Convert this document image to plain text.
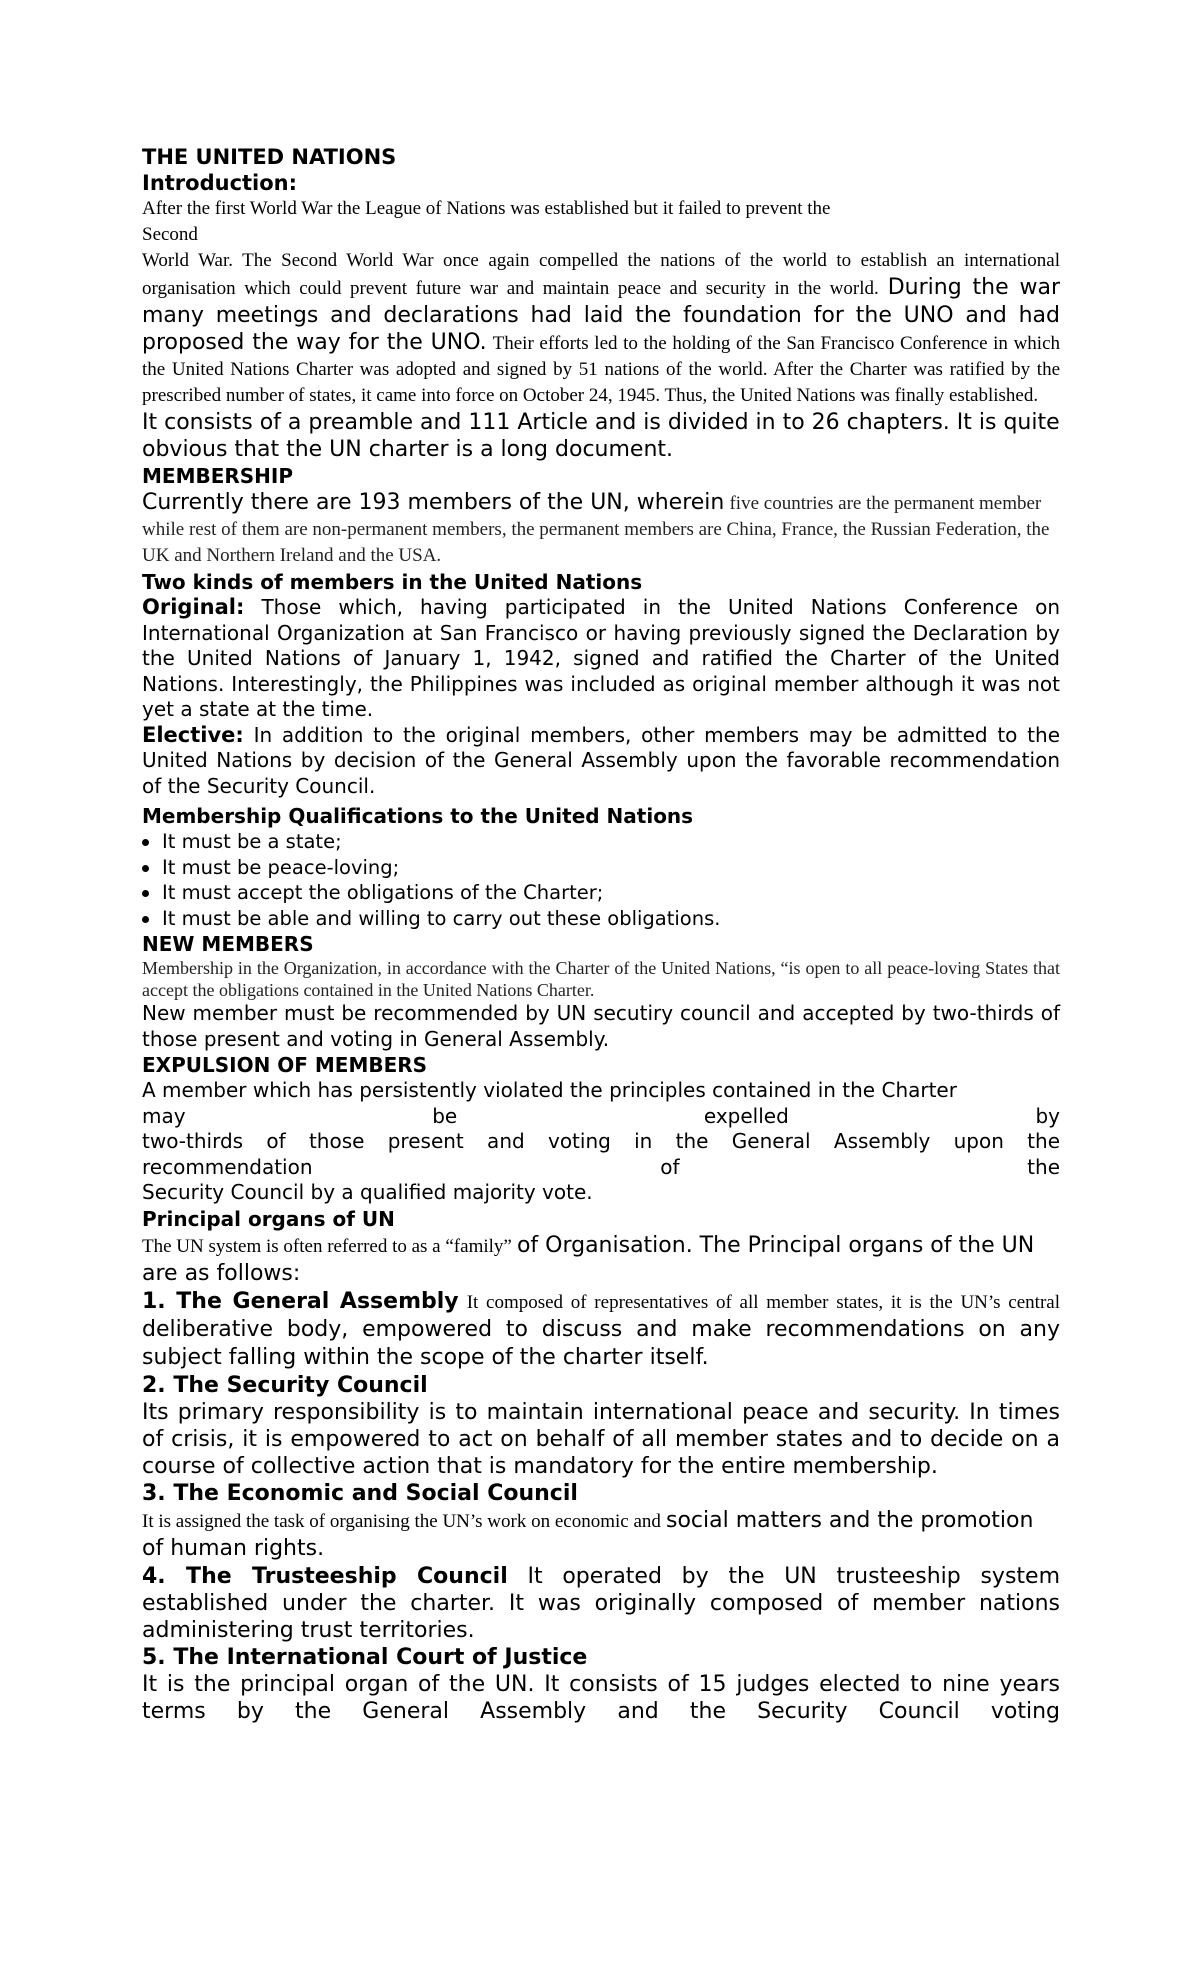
THE UNITED NATIONS
Introduction:

After the first World War the League of Nations was established but it failed to prevent the Second

World War. The Second World War once again compelled the nations of the world to establish an international organisation which could prevent future war and maintain peace and security in the world. During the war many meetings and declarations had laid the foundation for the UNO and had proposed the way for the UNO. Their efforts led to the holding of the San Francisco Conference in which the United Nations Charter was adopted and signed by 51 nations of the world. After the Charter was ratified by the prescribed number of states, it came into force on October 24, 1945. Thus, the United Nations was finally established.

It consists of a preamble and 111 Article and is divided in to 26 chapters. It is quite obvious that the UN charter is a long document.

MEMBERSHIP

Currently there are 193 members of the UN, wherein five countries are the permanent member while rest of them are non-permanent members, the permanent members are China, France, the Russian Federation, the UK and Northern Ireland and the USA.

Two kinds of members in the United Nations

Original: Those which, having participated in the United Nations Conference on International Organization at San Francisco or having previously signed the Declaration by the United Nations of January 1, 1942, signed and ratified the Charter of the United Nations. Interestingly, the Philippines was included as original member although it was not yet a state at the time.

Elective: In addition to the original members, other members may be admitted to the United Nations by decision of the General Assembly upon the favorable recommendation of the Security Council.

Membership Qualifications to the United Nations
It must be a state;
It must be peace-loving;
It must accept the obligations of the Charter;
It must be able and willing to carry out these obligations.
NEW MEMBERS

Membership in the Organization, in accordance with the Charter of the United Nations, “is open to all peace-loving States that accept the obligations contained in the United Nations Charter.

New member must be recommended by UN secutiry council and accepted by two-thirds of those present and voting in General Assembly.

EXPULSION OF MEMBERS

A member which has persistently violated the principles contained in the Charter

may be expelled by

two-thirds of those present and voting in the General Assembly upon the

recommendation of the

Security Council by a qualified majority vote.

Principal organs of UN

The UN system is often referred to as a “family” of Organisation. The Principal organs of the UN are as follows:

1. The General Assembly It composed of representatives of all member states, it is the UN’s central deliberative body, empowered to discuss and make recommendations on any subject falling within the scope of the charter itself.

2. The Security Council

Its primary responsibility is to maintain international peace and security. In times of crisis, it is empowered to act on behalf of all member states and to decide on a course of collective action that is mandatory for the entire membership.

3. The Economic and Social Council

It is assigned the task of organising the UN’s work on economic and social matters and the promotion of human rights.

4. The Trusteeship Council It operated by the UN trusteeship system established under the charter. It was originally composed of member nations administering trust territories.

5. The International Court of Justice

It is the principal organ of the UN. It consists of 15 judges elected to nine years terms by the General Assembly and the Security Council voting
